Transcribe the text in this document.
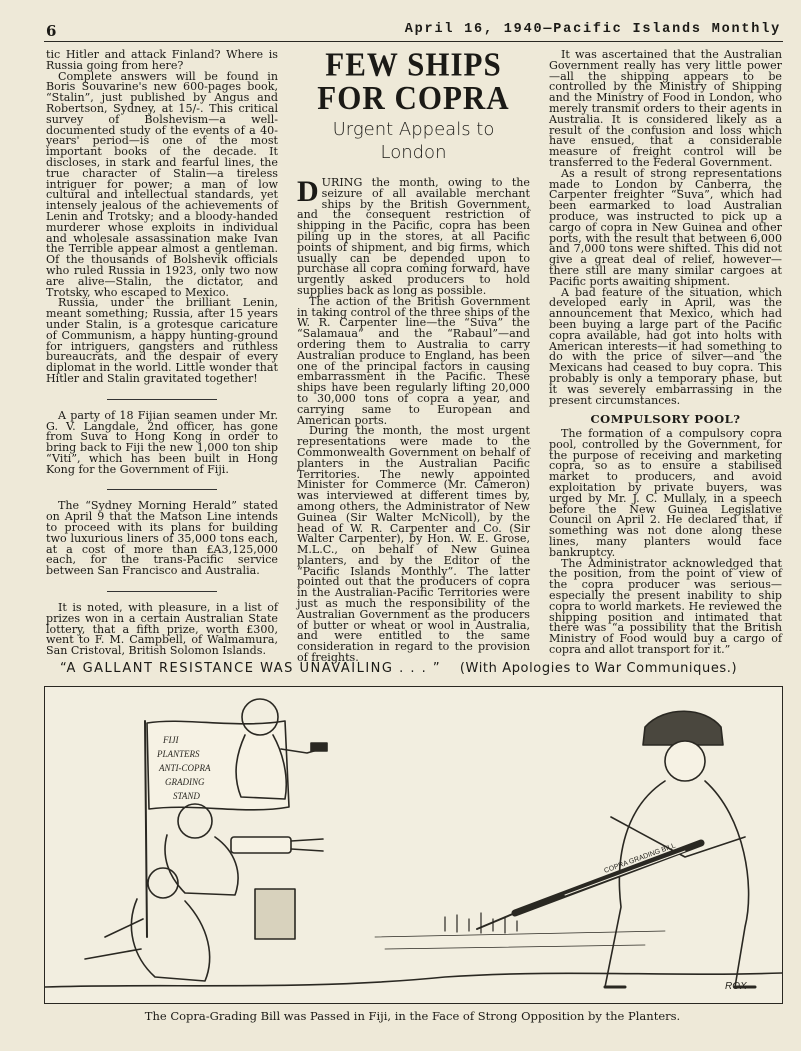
6	April 16, 1940—Pacific Islands Monthly

tic Hitler and attack Finland? Where is Russia going from here?

Complete answers will be found in Boris Souvarine's new 600-pages book, “Stalin”, just published by Angus and Robertson, Sydney, at 15/-. This critical survey of Bolshevism—a well-documented study of the events of a 40-years' period—is one of the most important books of the decade. It discloses, in stark and fearful lines, the true character of Stalin—a tireless intriguer for power; a man of low cultural and intellectual standards, yet intensely jealous of the achievements of Lenin and Trotsky; and a bloody-handed murderer whose exploits in individual and wholesale assassination make Ivan the Terrible appear almost a gentleman. Of the thousands of Bolshevik officials who ruled Russia in 1923, only two now are alive—Stalin, the dictator, and Trotsky, who escaped to Mexico.

Russia, under the brilliant Lenin, meant something; Russia, after 15 years under Stalin, is a grotesque caricature of Communism, a happy hunting-ground for intriguers, gangsters and ruthless bureaucrats, and the despair of every diplomat in the world. Little wonder that Hitler and Stalin gravitated together!

A party of 18 Fijian seamen under Mr. G. V. Langdale, 2nd officer, has gone from Suva to Hong Kong in order to bring back to Fiji the new 1,000 ton ship “Viti”, which has been built in Hong Kong for the Government of Fiji.

The “Sydney Morning Herald” stated on April 9 that the Matson Line intends to proceed with its plans for building two luxurious liners of 35,000 tons each, at a cost of more than £A3,125,000 each, for the trans-Pacific service between San Francisco and Australia.

It is noted, with pleasure, in a list of prizes won in a certain Australian State lottery, that a fifth prize, worth £300, went to F. M. Campbell, of Walmamura, San Cristoval, British Solomon Islands.

FEW SHIPS FOR COPRA
Urgent Appeals to London

DURING the month, owing to the seizure of all available merchant ships by the British Government, and the consequent restriction of shipping in the Pacific, copra has been piling up in the stores, at all Pacific points of shipment, and big firms, which usually can be depended upon to purchase all copra coming forward, have urgently asked producers to hold supplies back as long as possible.

The action of the British Government in taking control of the three ships of the W. R. Carpenter line—the “Suva” the “Salamaua” and the “Rabaul”—and ordering them to Australia to carry Australian produce to England, has been one of the principal factors in causing embarrassment in the Pacific. These ships have been regularly lifting 20,000 to 30,000 tons of copra a year, and carrying same to European and American ports.

During the month, the most urgent representations were made to the Commonwealth Government on behalf of planters in the Australian Pacific Territories. The newly appointed Minister for Commerce (Mr. Cameron) was interviewed at different times by, among others, the Administrator of New Guinea (Sir Walter McNicoll), by the head of W. R. Carpenter and Co. (Sir Walter Carpenter), by Hon. W. E. Grose, M.L.C., on behalf of New Guinea planters, and by the Editor of the “Pacific Islands Monthly”. The latter pointed out that the producers of copra in the Australian-Pacific Territories were just as much the responsibility of the Australian Government as the producers of butter or wheat or wool in Australia, and were entitled to the same consideration in regard to the provision of freights.

It was ascertained that the Australian Government really has very little power—all the shipping appears to be controlled by the Ministry of Shipping and the Ministry of Food in London, who merely transmit orders to their agents in Australia. It is considered likely as a result of the confusion and loss which have ensued, that a considerable measure of freight control will be transferred to the Federal Government.

As a result of strong representations made to London by Canberra, the Carpenter freighter “Suva”, which had been earmarked to load Australian produce, was instructed to pick up a cargo of copra in New Guinea and other ports, with the result that between 6,000 and 7,000 tons were shifted. This did not give a great deal of relief, however—there still are many similar cargoes at Pacific ports awaiting shipment.

A bad feature of the situation, which developed early in April, was the announcement that Mexico, which had been buying a large part of the Pacific copra available, had got into holts with American interests—it had something to do with the price of silver—and the Mexicans had ceased to buy copra. This probably is only a temporary phase, but it was severely embarrassing in the present circumstances.

COMPULSORY POOL?

The formation of a compulsory copra pool, controlled by the Government, for the purpose of receiving and marketing copra, so as to ensure a stabilised market to producers, and avoid exploitation by private buyers, was urged by Mr. J. C. Mullaly, in a speech before the New Guinea Legislative Council on April 2. He declared that, if something was not done along these lines, many planters would face bankruptcy.

The Administrator acknowledged that the position, from the point of view of the copra producer was serious—especially the present inability to ship copra to world markets. He reviewed the shipping position and intimated that there was “a possibility that the British Ministry of Food would buy a cargo of copra and allot transport for it.”

“A GALLANT RESISTANCE WAS UNAVAILING . . . ” (With Apologies to War Communiques.)
FIJI
PLANTERS
ANTI-COPRA
GRADING
STAND
COPRA GRADING BILL
ROX
The Copra-Grading Bill was Passed in Fiji, in the Face of Strong Opposition by the Planters.
